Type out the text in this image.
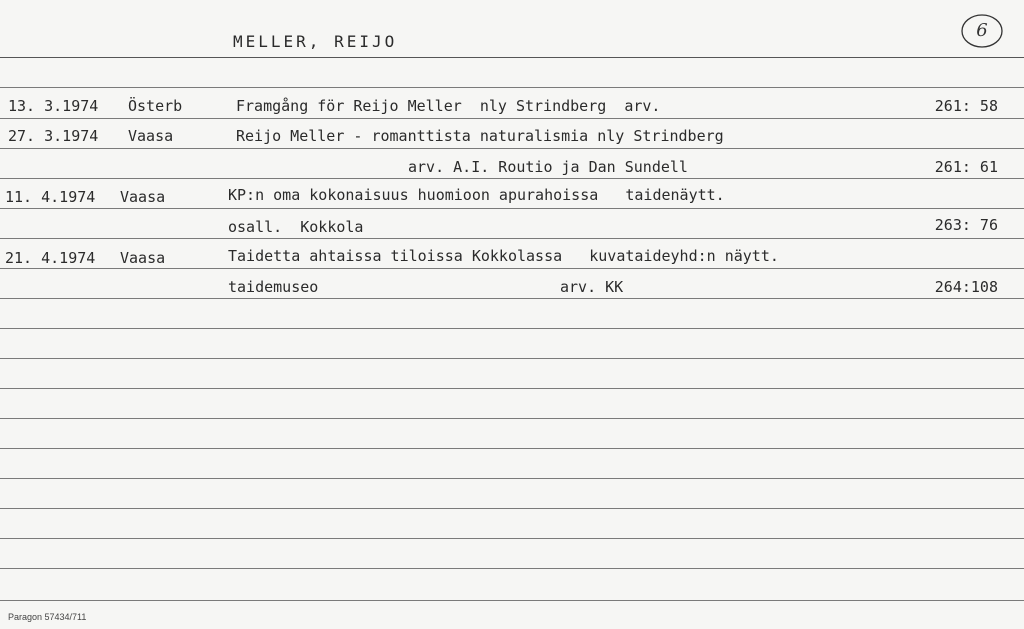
MELLER, REIJO
6
13. 3.1974 Österb	Framgång för Reijo Meller  nly Strindberg  arv.	261: 58
27. 3.1974 Vaasa	Reijo Meller - romanttista naturalismia nly Strindberg
arv. A.I. Routio ja Dan Sundell	261: 61
11. 4.1974 Vaasa	KP:n oma kokonaisuus huomioon apurahoissa   taidenäytt.
osall.  Kokkola	263: 76
21. 4.1974 Vaasa	Taidetta ahtaissa tiloissa Kokkolassa   kuvataideyhd:n näytt.
taidemuseo	arv. KK	264:108
Paragon 57434/711
